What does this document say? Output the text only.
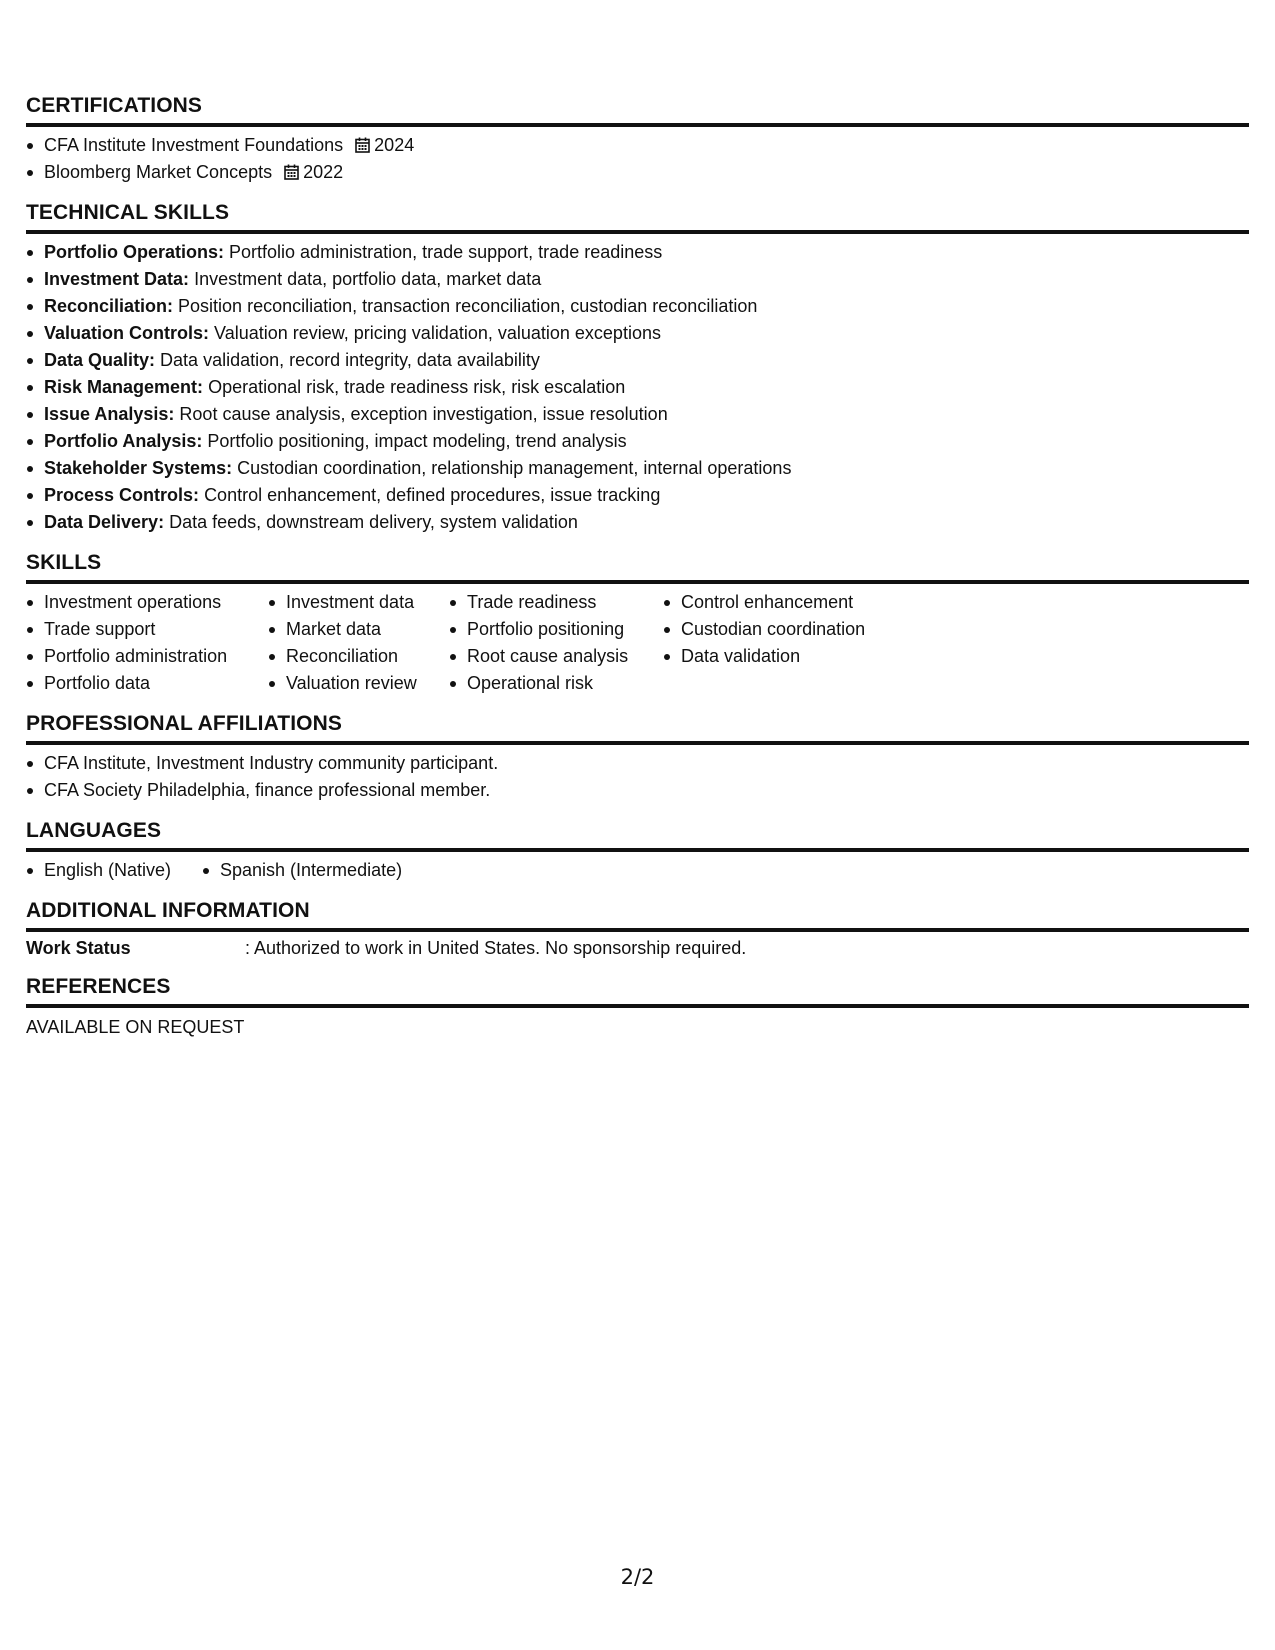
CERTIFICATIONS
CFA Institute Investment Foundations 2024
Bloomberg Market Concepts 2022
TECHNICAL SKILLS
Portfolio Operations: Portfolio administration, trade support, trade readiness
Investment Data: Investment data, portfolio data, market data
Reconciliation: Position reconciliation, transaction reconciliation, custodian reconciliation
Valuation Controls: Valuation review, pricing validation, valuation exceptions
Data Quality: Data validation, record integrity, data availability
Risk Management: Operational risk, trade readiness risk, risk escalation
Issue Analysis: Root cause analysis, exception investigation, issue resolution
Portfolio Analysis: Portfolio positioning, impact modeling, trend analysis
Stakeholder Systems: Custodian coordination, relationship management, internal operations
Process Controls: Control enhancement, defined procedures, issue tracking
Data Delivery: Data feeds, downstream delivery, system validation
SKILLS
Investment operations
Trade support
Portfolio administration
Portfolio data
Investment data
Market data
Reconciliation
Valuation review
Trade readiness
Portfolio positioning
Root cause analysis
Operational risk
Control enhancement
Custodian coordination
Data validation
PROFESSIONAL AFFILIATIONS
CFA Institute, Investment Industry community participant.
CFA Society Philadelphia, finance professional member.
LANGUAGES
English (Native)	Spanish (Intermediate)
ADDITIONAL INFORMATION
Work Status	: Authorized to work in United States. No sponsorship required.
REFERENCES
AVAILABLE ON REQUEST
2/2
